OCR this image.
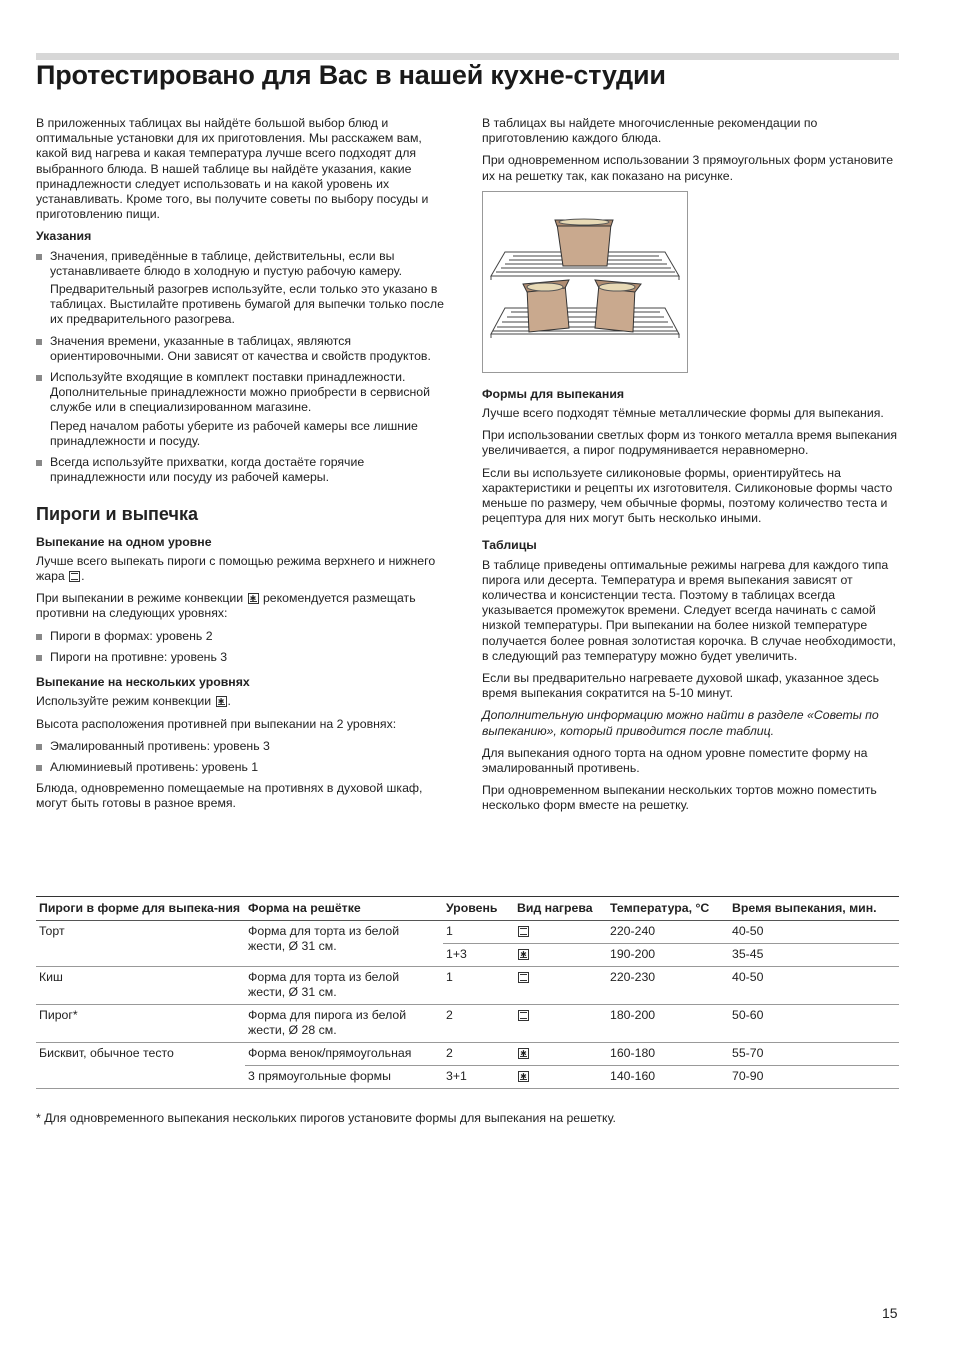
Протестировано для Вас в нашей кухне-студии

В приложенных таблицах вы найдёте большой выбор блюд и оптимальные установки для их приготовления. Мы расскажем вам, какой вид нагрева и какая температура лучше всего подходят для выбранного блюда. В нашей таблице вы найдёте указания, какие принадлежности следует использовать и на какой уровень их устанавливать. Кроме того, вы получите советы по выбору посуды и приготовлению пищи.

Указания
Значения, приведённые в таблице, действительны, если вы устанавливаете блюдо в холодную и пустую рабочую камеру.
Предварительный разогрев используйте, если только это указано в таблицах. Выстилайте противень бумагой для выпечки только после их предварительного разогрева.
Значения времени, указанные в таблицах, являются ориентировочными. Они зависят от качества и свойств продуктов.
Используйте входящие в комплект поставки принадлежности. Дополнительные принадлежности можно приобрести в сервисной службе или в специализированном магазине.
Перед началом работы уберите из рабочей камеры все лишние принадлежности и посуду.
Всегда используйте прихватки, когда достаёте горячие принадлежности или посуду из рабочей камеры.
Пироги и выпечка
Выпекание на одном уровне

Лучше всего выпекать пироги с помощью режима верхнего и нижнего жара .

При выпекании в режиме конвекции ✱ рекомендуется размещать противни на следующих уровнях:

Пироги в формах: уровень 2
Пироги на противне: уровень 3
Выпекание на нескольких уровнях

Используйте режим конвекции ✱ .

Высота расположения противней при выпекании на 2 уровнях:

Эмалированный противень: уровень 3
Алюминиевый противень: уровень 1

Блюда, одновременно помещаемые на противнях в духовой шкаф, могут быть готовы в разное время.

В таблицах вы найдете многочисленные рекомендации по приготовлению каждого блюда.

При одновременном использовании 3 прямоугольных форм установите их на решетку так, как показано на рисунке.

Формы для выпекания

Лучше всего подходят тёмные металлические формы для выпекания.

При использовании светлых форм из тонкого металла время выпекания увеличивается, а пирог подрумянивается неравномерно.

Если вы используете силиконовые формы, ориентируйтесь на характеристики и рецепты их изготовителя. Силиконовые формы часто меньше по размеру, чем обычные формы, поэтому количество теста и рецептура для них могут быть несколько иными.

Таблицы

В таблице приведены оптимальные режимы нагрева для каждого типа пирога или десерта. Температура и время выпекания зависят от количества и консистенции теста. Поэтому в таблицах всегда указывается промежуток времени. Следует всегда начинать с самой низкой температуры. При выпекании на более низкой температуре получается более ровная золотистая корочка. В случае необходимости, в следующий раз температуру можно будет увеличить.

Если вы предварительно нагреваете духовой шкаф, указанное здесь время выпекания сократится на 5-10 минут.

Дополнительную информацию можно найти в разделе «Советы по выпеканию», который приводится после таблиц.

Для выпекания одного торта на одном уровне поместите форму на эмалированный противень.

При одновременном выпекании нескольких тортов можно поместить несколько форм вместе на решетку.

Пироги в форме для выпека-ния	Форма на решётке	Уровень	Вид нагрева	Температура, °C	Время выпекания, мин.
Торт	Форма для торта из белой жести, Ø 31 см.	1		220-240	40-50
		1+3	✱	190-200	35-45
Киш	Форма для торта из белой жести, Ø 31 см.	1		220-230	40-50
Пирог*	Форма для пирога из белой жести, Ø 28 см.	2		180-200	50-60
Бисквит, обычное тесто	Форма венок/прямоугольная	2	✱	160-180	55-70
	3 прямоугольные формы	3+1	✱	140-160	70-90
* Для одновременного выпекания нескольких пирогов установите формы для выпекания на решетку.
15
